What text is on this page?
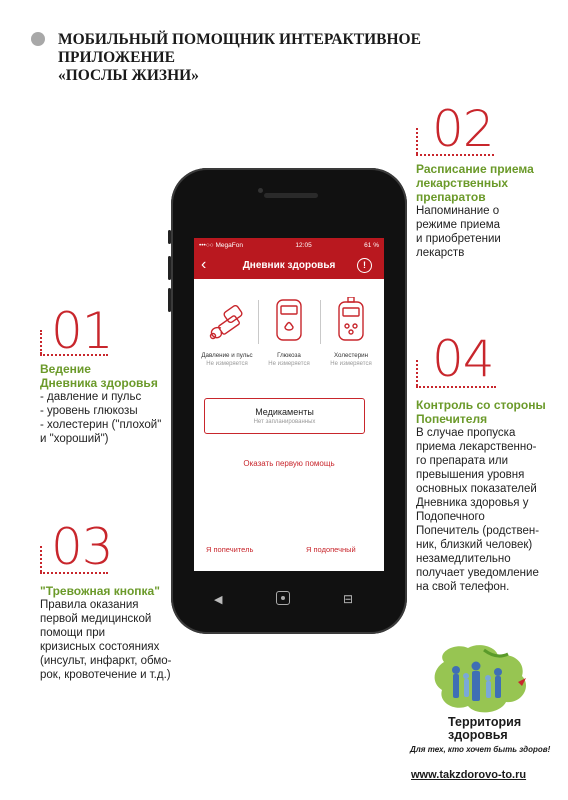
МОБИЛЬНЫЙ ПОМОЩНИК ИНТЕРАКТИВНОЕ ПРИЛОЖЕНИЕ
«ПОСЛЫ ЖИЗНИ»
02
Расписание приема
лекарственных
препаратов
Напоминание о
режиме приема
и приобретении
лекарств
01
Ведение
Дневника здоровья
- давление и пульс
- уровень глюкозы
- холестерин ("плохой"
и "хороший")
04
Контроль со стороны
Попечителя
В случае пропуска
приема лекарственно-
го препарата или
превышения уровня
основных показателей
Дневника здоровья у
Подопечного
Попечитель (родствен-
ник, близкий человек)
незамедлительно
получает уведомление
на свой телефон.
03
"Тревожная кнопка"
Правила оказания
первой медицинской
помощи при
кризисных состояниях
(инсульт, инфаркт, обмо-
рок, кровотечение и т.д.)
•••○○ MegaFon	12:05	61 %
Дневник здоровья
‹	!
Давление и пульс
Не измеряется
Глюкоза
Не измеряется
Холестерин
Не измеряется
Медикаменты
Нет запланированных
Оказать первую помощь
Я попечитель	Я подопечный
◀	⊟
Территория
здоровья
Для тех, кто хочет быть здоров!
www.takzdorovo-to.ru
